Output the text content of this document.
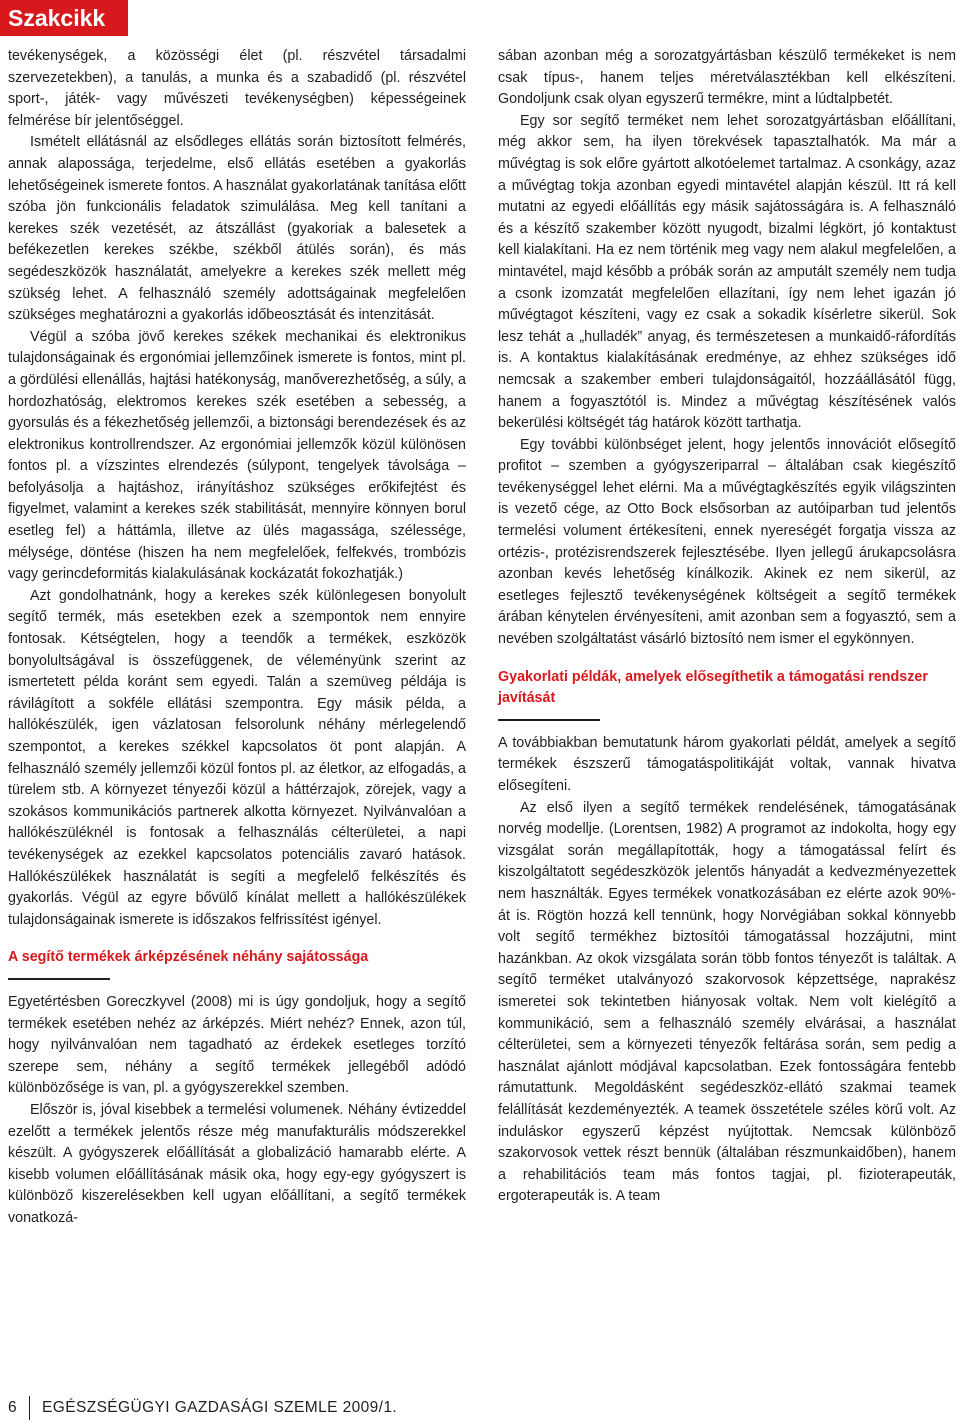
Szakcikk

tevékenységek, a közösségi élet (pl. részvétel társadalmi szervezetekben), a tanulás, a munka és a szabadidő (pl. részvétel sport-, játék- vagy művészeti tevékenységben) képességeinek felmérése bír jelentőséggel.

Ismételt ellátásnál az elsődleges ellátás során biztosított felmérés, annak alapossága, terjedelme, első ellátás esetében a gyakorlás lehetőségeinek ismerete fontos. A használat gyakorlatának tanítása előtt szóba jön funkcionális feladatok szimulálása. Meg kell tanítani a kerekes szék vezetését, az átszállást (gyakoriak a balesetek a befékezetlen kerekes székbe, székből átülés során), és más segédeszközök használatát, amelyekre a kerekes szék mellett még szükség lehet. A felhasználó személy adottságainak megfelelően szükséges meghatározni a gyakorlás időbeosztását és intenzitását.

Végül a szóba jövő kerekes székek mechanikai és elektronikus tulajdonságainak és ergonómiai jellemzőinek ismerete is fontos, mint pl. a gördülési ellenállás, hajtási hatékonyság, manőverezhetőség, a súly, a hordozhatóság, elektromos kerekes szék esetében a sebesség, a gyorsulás és a fékezhetőség jellemzői, a biztonsági berendezések és az elektronikus kontrollrendszer. Az ergonómiai jellemzők közül különösen fontos pl. a vízszintes elrendezés (súlypont, tengelyek távolsága – befolyásolja a hajtáshoz, irányításhoz szükséges erőkifejtést és figyelmet, valamint a kerekes szék stabilitását, mennyire könnyen borul esetleg fel) a háttámla, illetve az ülés magassága, szélessége, mélysége, döntése (hiszen ha nem megfelelőek, felfekvés, trombózis vagy gerincdeformitás kialakulásának kockázatát fokozhatják.)

Azt gondolhatnánk, hogy a kerekes szék különlegesen bonyolult segítő termék, más esetekben ezek a szempontok nem ennyire fontosak. Kétségtelen, hogy a teendők a termékek, eszközök bonyolultságával is összefüggenek, de véleményünk szerint az ismertetett példa koránt sem egyedi. Talán a szemüveg példája is rávilágított a sokféle ellátási szempontra. Egy másik példa, a hallókészülék, igen vázlatosan felsorolunk néhány mérlegelendő szempontot, a kerekes székkel kapcsolatos öt pont alapján. A felhasználó személy jellemzői közül fontos pl. az életkor, az elfogadás, a türelem stb. A környezet tényezői közül a háttérzajok, zörejek, vagy a szokásos kommunikációs partnerek alkotta környezet. Nyilvánvalóan a hallókészüléknél is fontosak a felhasználás célterületei, a napi tevékenységek az ezekkel kapcsolatos potenciális zavaró hatások. Hallókészülékek használatát is segíti a megfelelő felkészítés és gyakorlás. Végül az egyre bővülő kínálat mellett a hallókészülékek tulajdonságainak ismerete is időszakos felfrissítést igényel.

A segítő termékek árképzésének néhány sajátossága

Egyetértésben Goreczkyvel (2008) mi is úgy gondoljuk, hogy a segítő termékek esetében nehéz az árképzés. Miért nehéz? Ennek, azon túl, hogy nyilvánvalóan nem tagadható az érdekek esetleges torzító szerepe sem, néhány a segítő termékek jellegéből adódó különbözősége is van, pl. a gyógyszerekkel szemben.

Először is, jóval kisebbek a termelési volumenek. Néhány évtizeddel ezelőtt a termékek jelentős része még manufakturális módszerekkel készült. A gyógyszerek előállítását a globalizáció hamarabb elérte. A kisebb volumen előállításának másik oka, hogy egy-egy gyógyszert is különböző kiszerelésekben kell ugyan előállítani, a segítő termékek vonatkozá-

sában azonban még a sorozatgyártásban készülő termékeket is nem csak típus-, hanem teljes méretválasztékban kell elkészíteni. Gondoljunk csak olyan egyszerű termékre, mint a lúdtalpbetét.

Egy sor segítő terméket nem lehet sorozatgyártásban előállítani, még akkor sem, ha ilyen törekvések tapasztalhatók. Ma már a művégtag is sok előre gyártott alkotóelemet tartalmaz. A csonkágy, azaz a művégtag tokja azonban egyedi mintavétel alapján készül. Itt rá kell mutatni az egyedi előállítás egy másik sajátosságára is. A felhasználó és a készítő szakember között nyugodt, bizalmi légkört, jó kontaktust kell kialakítani. Ha ez nem történik meg vagy nem alakul megfelelően, a mintavétel, majd később a próbák során az amputált személy nem tudja a csonk izomzatát megfelelően ellazítani, így nem lehet igazán jó művégtagot készíteni, vagy ez csak a sokadik kísérletre sikerül. Sok lesz tehát a „hulladék” anyag, és természetesen a munkaidő-ráfordítás is. A kontaktus kialakításának eredménye, az ehhez szükséges idő nemcsak a szakember emberi tulajdonságaitól, hozzáállásától függ, hanem a fogyasztótól is. Mindez a művégtag készítésének valós bekerülési költségét tág határok között tarthatja.

Egy további különbséget jelent, hogy jelentős innovációt elősegítő profitot – szemben a gyógyszeriparral – általában csak kiegészítő tevékenységgel lehet elérni. Ma a művégtagkészítés egyik világszinten is vezető cége, az Otto Bock elsősorban az autóiparban tud jelentős termelési volument értékesíteni, ennek nyereségét forgatja vissza az ortézis-, protézisrendszerek fejlesztésébe. Ilyen jellegű árukapcsolásra azonban kevés lehetőség kínálkozik. Akinek ez nem sikerül, az esetleges fejlesztő tevékenységének költségeit a segítő termékek árában kénytelen érvényesíteni, amit azonban sem a fogyasztó, sem a nevében szolgáltatást vásárló biztosító nem ismer el egykönnyen.

Gyakorlati példák, amelyek elősegíthetik a támogatási rendszer javítását

A továbbiakban bemutatunk három gyakorlati példát, amelyek a segítő termékek észszerű támogatáspolitikáját voltak, vannak hivatva elősegíteni.

Az első ilyen a segítő termékek rendelésének, támogatásának norvég modellje. (Lorentsen, 1982) A programot az indokolta, hogy egy vizsgálat során megállapították, hogy a támogatással felírt és kiszolgáltatott segédeszközök jelentős hányadát a kedvezményezettek nem használták. Egyes termékek vonatkozásában ez elérte azok 90%-át is. Rögtön hozzá kell tennünk, hogy Norvégiában sokkal könnyebb volt segítő termékhez biztosítói támogatással hozzájutni, mint hazánkban. Az okok vizsgálata során több fontos tényezőt is találtak. A segítő terméket utalványozó szakorvosok képzettsége, naprakész ismeretei sok tekintetben hiányosak voltak. Nem volt kielégítő a kommunikáció, sem a felhasználó személy elvárásai, a használat célterületei, sem a környezeti tényezők feltárása során, sem pedig a használat ajánlott módjával kapcsolatban. Ezek fontosságára fentebb rámutattunk. Megoldásként segédeszköz-ellátó szakmai teamek felállítását kezdeményezték. A teamek összetétele széles körű volt. Az induláskor egyszerű képzést nyújtottak. Nemcsak különböző szakorvosok vettek részt bennük (általában részmunkaidőben), hanem a rehabilitációs team más fontos tagjai, pl. fizioterapeuták, ergoterapeuták is. A team

6 EGÉSZSÉGÜGYI GAZDASÁGI SZEMLE 2009/1.
